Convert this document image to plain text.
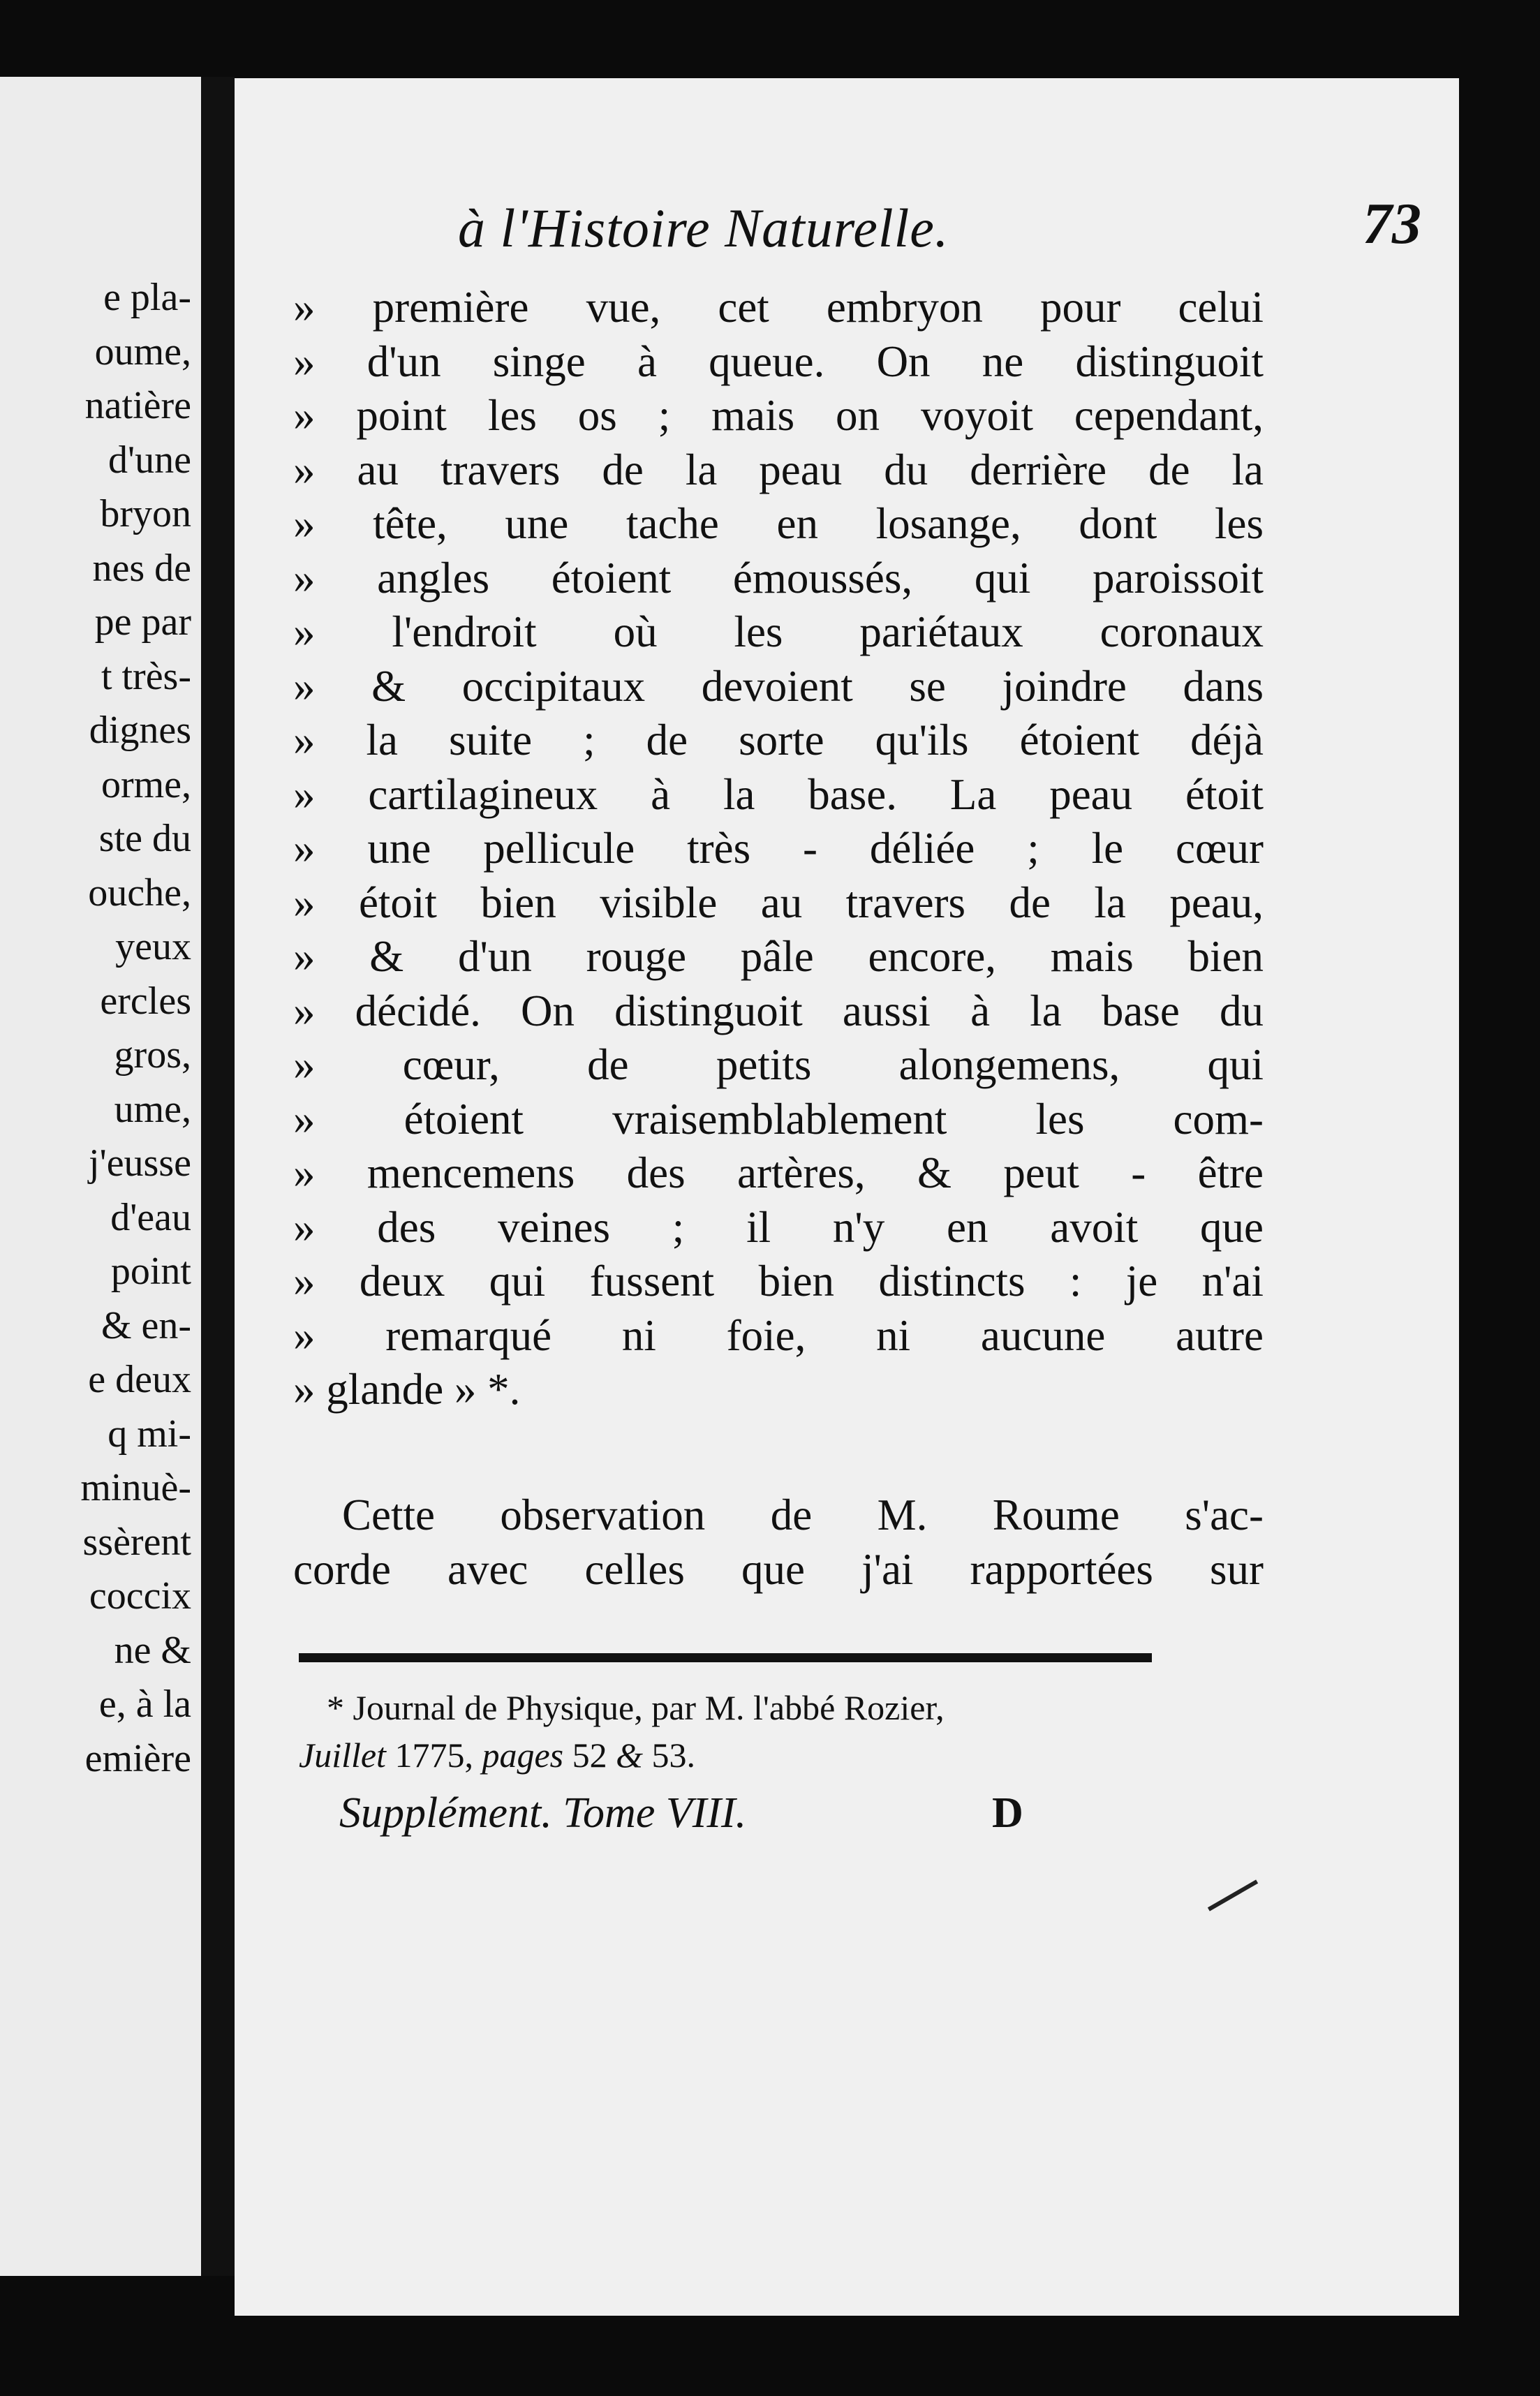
e pla-
oume,
natière
d'une
bryon
nes de
pe par
t très-
dignes
orme,
ste du
ouche,
yeux
ercles
gros,
ume,
j'eusse
d'eau
point
& en-
e deux
q mi-
minuè-
ssèrent
coccix
ne &
e, à la
emière
à l'Histoire Naturelle.	73
» première vue, cet embryon pour celui
» d'un singe à queue. On ne distinguoit
» point les os ; mais on voyoit cependant,
» au travers de la peau du derrière de la
» tête, une tache en losange, dont les
» angles étoient émoussés, qui paroissoit
» l'endroit où les pariétaux coronaux
» & occipitaux devoient se joindre dans
» la suite ; de sorte qu'ils étoient déjà
» cartilagineux à la base. La peau étoit
» une pellicule très - déliée ; le cœur
» étoit bien visible au travers de la peau,
» & d'un rouge pâle encore, mais bien
» décidé. On distinguoit aussi à la base du
» cœur, de petits alongemens, qui
» étoient vraisemblablement les com-
» mencemens des artères, & peut - être
» des veines ; il n'y en avoit que
» deux qui fussent bien distincts : je n'ai
» remarqué ni foie, ni aucune autre
» glande » *.
Cette observation de M. Roume s'ac-
corde avec celles que j'ai rapportées sur
* Journal de Physique, par M. l'abbé Rozier,
Juillet 1775, pages 52 & 53.
Supplément. Tome VIII.	D
